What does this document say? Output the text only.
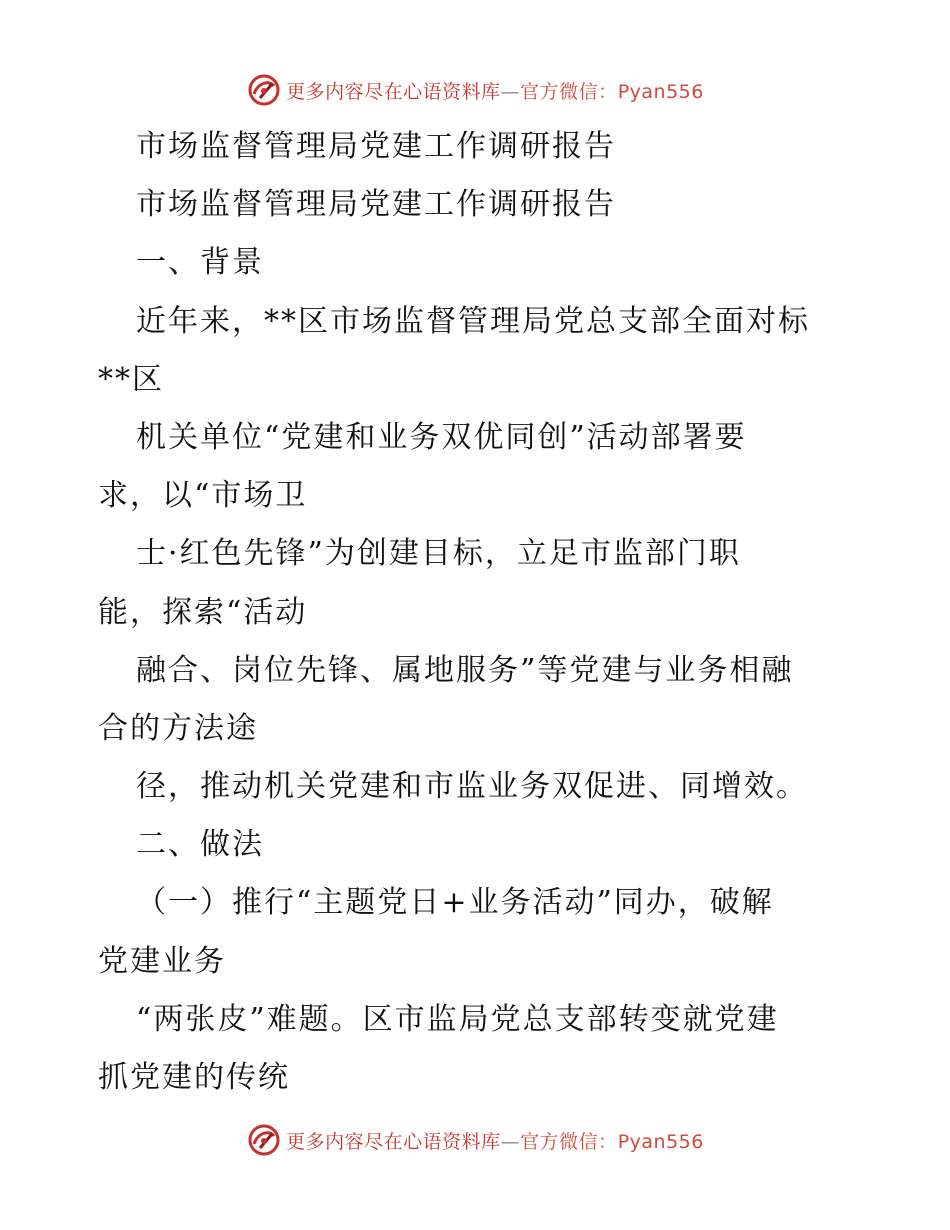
更多内容尽在心语资料库—官方微信：Pyan556
市场监督管理局党建工作调研报告
市场监督管理局党建工作调研报告
一、背景
近年来，**区市场监督管理局党总支部全面对标
**区
机关单位“党建和业务双优同创”活动部署要
求，以“市场卫
士·红色先锋”为创建目标，立足市监部门职
能，探索“活动
融合、岗位先锋、属地服务”等党建与业务相融
合的方法途
径，推动机关党建和市监业务双促进、同增效。
二、做法
（一）推行“主题党日+业务活动”同办，破解
党建业务
“两张皮”难题。区市监局党总支部转变就党建
抓党建的传统
更多内容尽在心语资料库—官方微信：Pyan556
